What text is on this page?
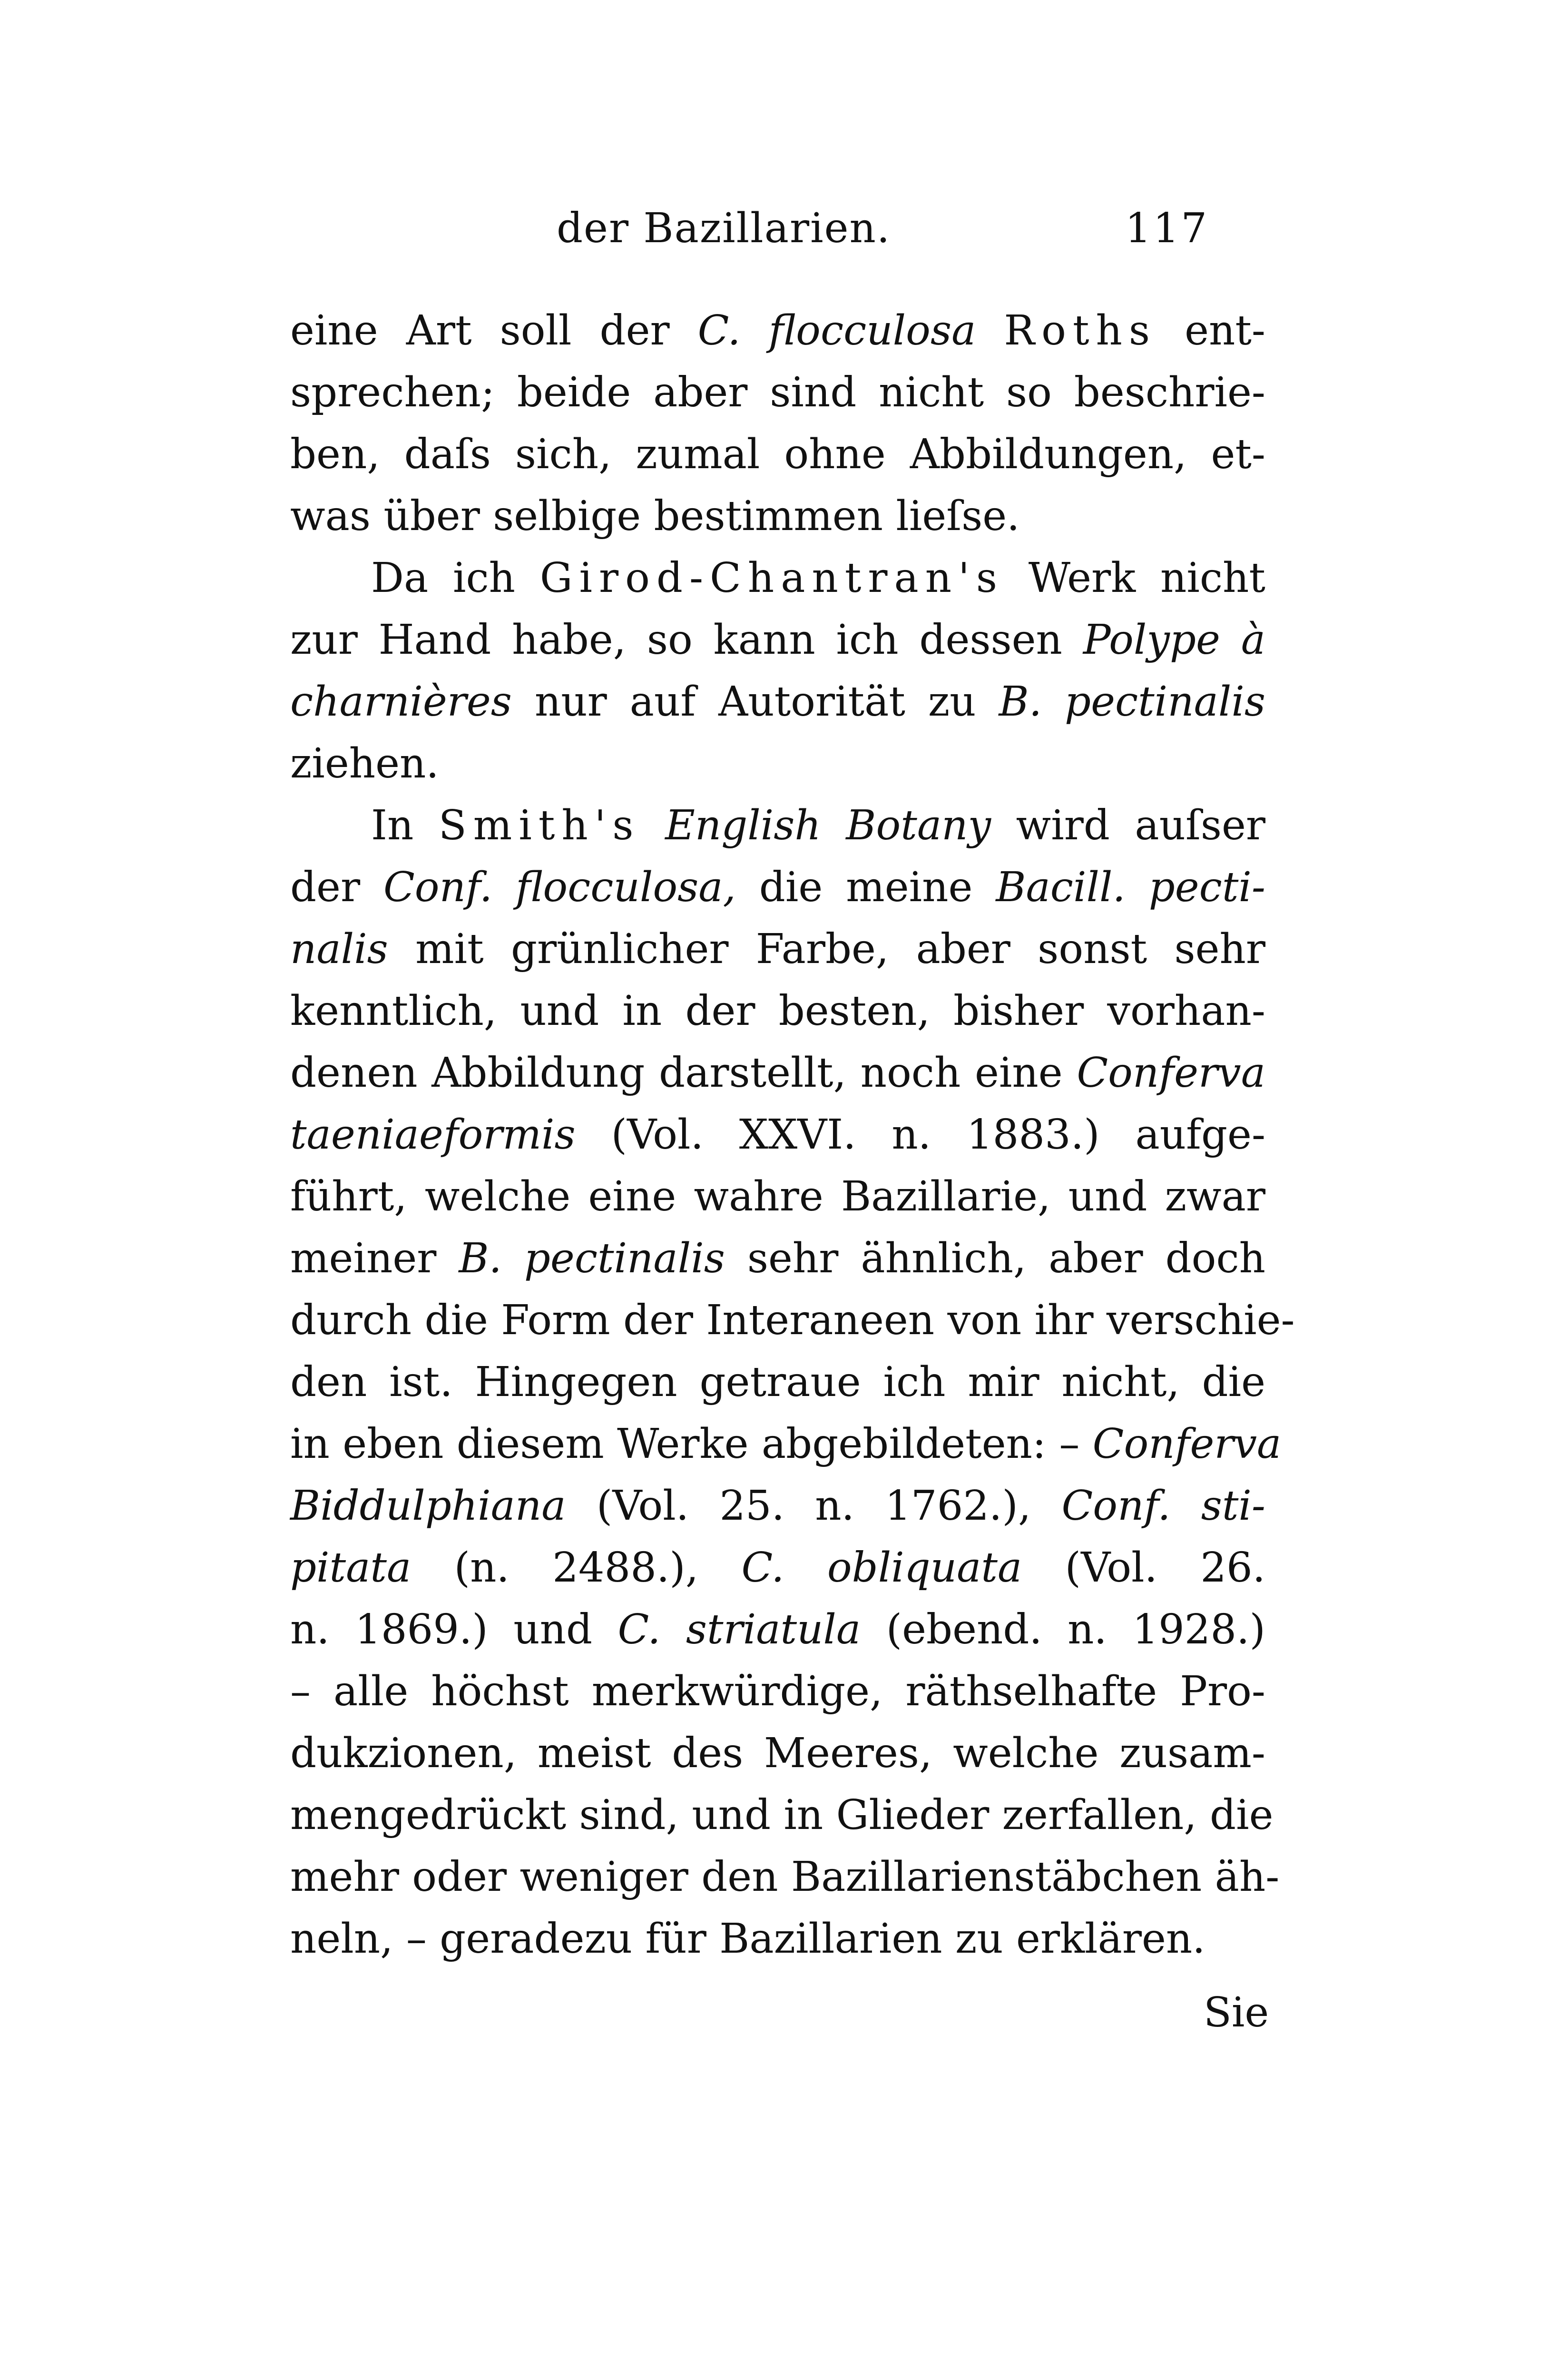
der Bazillarien.	117
eine Art soll der C. flocculosa Roths ent-
sprechen; beide aber sind nicht so beschrie-
ben, daſs sich, zumal ohne Abbildungen, et-
was über selbige bestimmen lieſse.
Da ich Girod-Chantran's Werk nicht
zur Hand habe, so kann ich dessen Polype à
charnières nur auf Autorität zu B. pectinalis
ziehen.
In Smith's English Botany wird auſser
der Conf. flocculosa, die meine Bacill. pecti-
nalis mit grünlicher Farbe, aber sonst sehr
kenntlich, und in der besten, bisher vorhan-
denen Abbildung darstellt, noch eine Conferva
taeniaeformis (Vol. XXVI. n. 1883.) aufge-
führt, welche eine wahre Bazillarie, und zwar
meiner B. pectinalis sehr ähnlich, aber doch
durch die Form der Interaneen von ihr verschie-
den ist. Hingegen getraue ich mir nicht, die
in eben diesem Werke abgebildeten: – Conferva
Biddulphiana (Vol. 25. n. 1762.), Conf. sti-
pitata (n. 2488.), C. obliquata (Vol. 26.
n. 1869.) und C. striatula (ebend. n. 1928.)
– alle höchst merkwürdige, räthselhafte Pro-
dukzionen, meist des Meeres, welche zusam-
mengedrückt sind, und in Glieder zerfallen, die
mehr oder weniger den Bazillarienstäbchen äh-
neln, – geradezu für Bazillarien zu erklären.
Sie
